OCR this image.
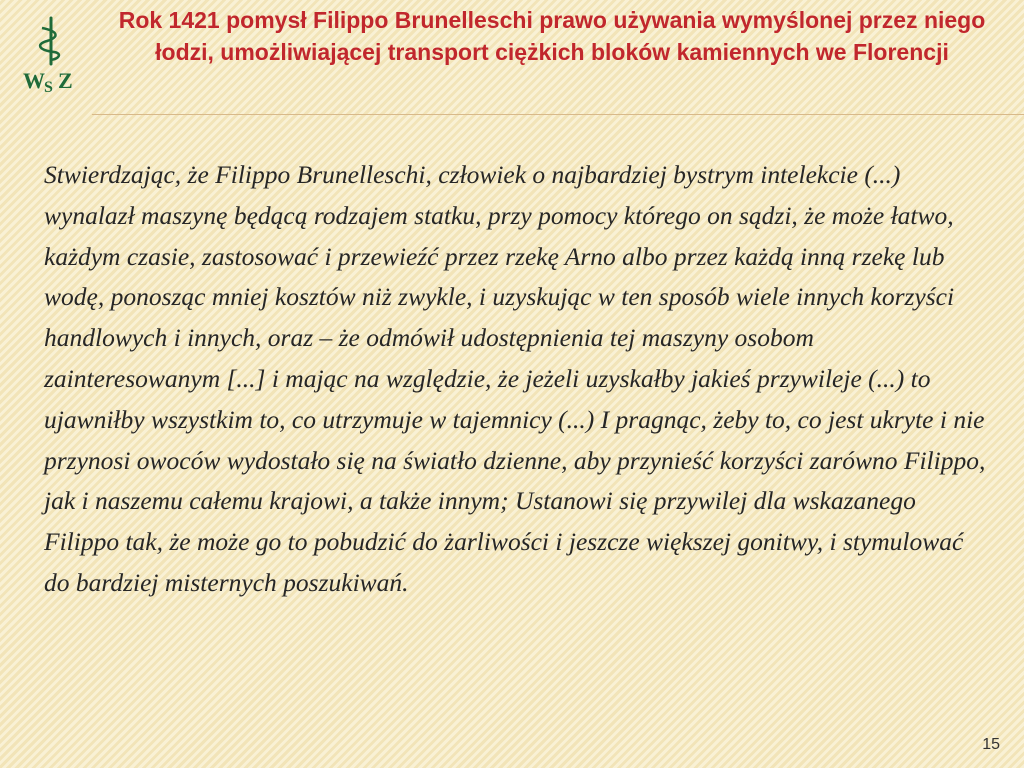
W S Z
Rok 1421 pomysł Filippo Brunelleschi prawo używania wymyślonej przez niego łodzi, umożliwiającej transport ciężkich bloków kamiennych we Florencji

Stwierdzając, że Filippo Brunelleschi, człowiek o najbardziej bystrym intelekcie (...) wynalazł maszynę będącą rodzajem statku, przy pomocy którego on sądzi, że może łatwo, każdym czasie, zastosować i przewieźć przez rzekę Arno albo przez każdą inną rzekę lub wodę, ponosząc mniej kosztów niż zwykle, i uzyskując w ten sposób wiele innych korzyści handlowych i innych, oraz – że odmówił udostępnienia tej maszyny osobom zainteresowanym [...] i mając na względzie, że jeżeli uzyskałby jakieś przywileje (...) to ujawniłby wszystkim to, co utrzymuje w tajemnicy (...) I pragnąc, żeby to, co jest ukryte i nie przynosi owoców wydostało się na światło dzienne, aby przynieść korzyści zarówno Filippo, jak i naszemu całemu krajowi, a także innym; Ustanowi się przywilej dla wskazanego Filippo tak, że może go to pobudzić do żarliwości i jeszcze większej gonitwy, i stymulować do bardziej misternych poszukiwań.

15
